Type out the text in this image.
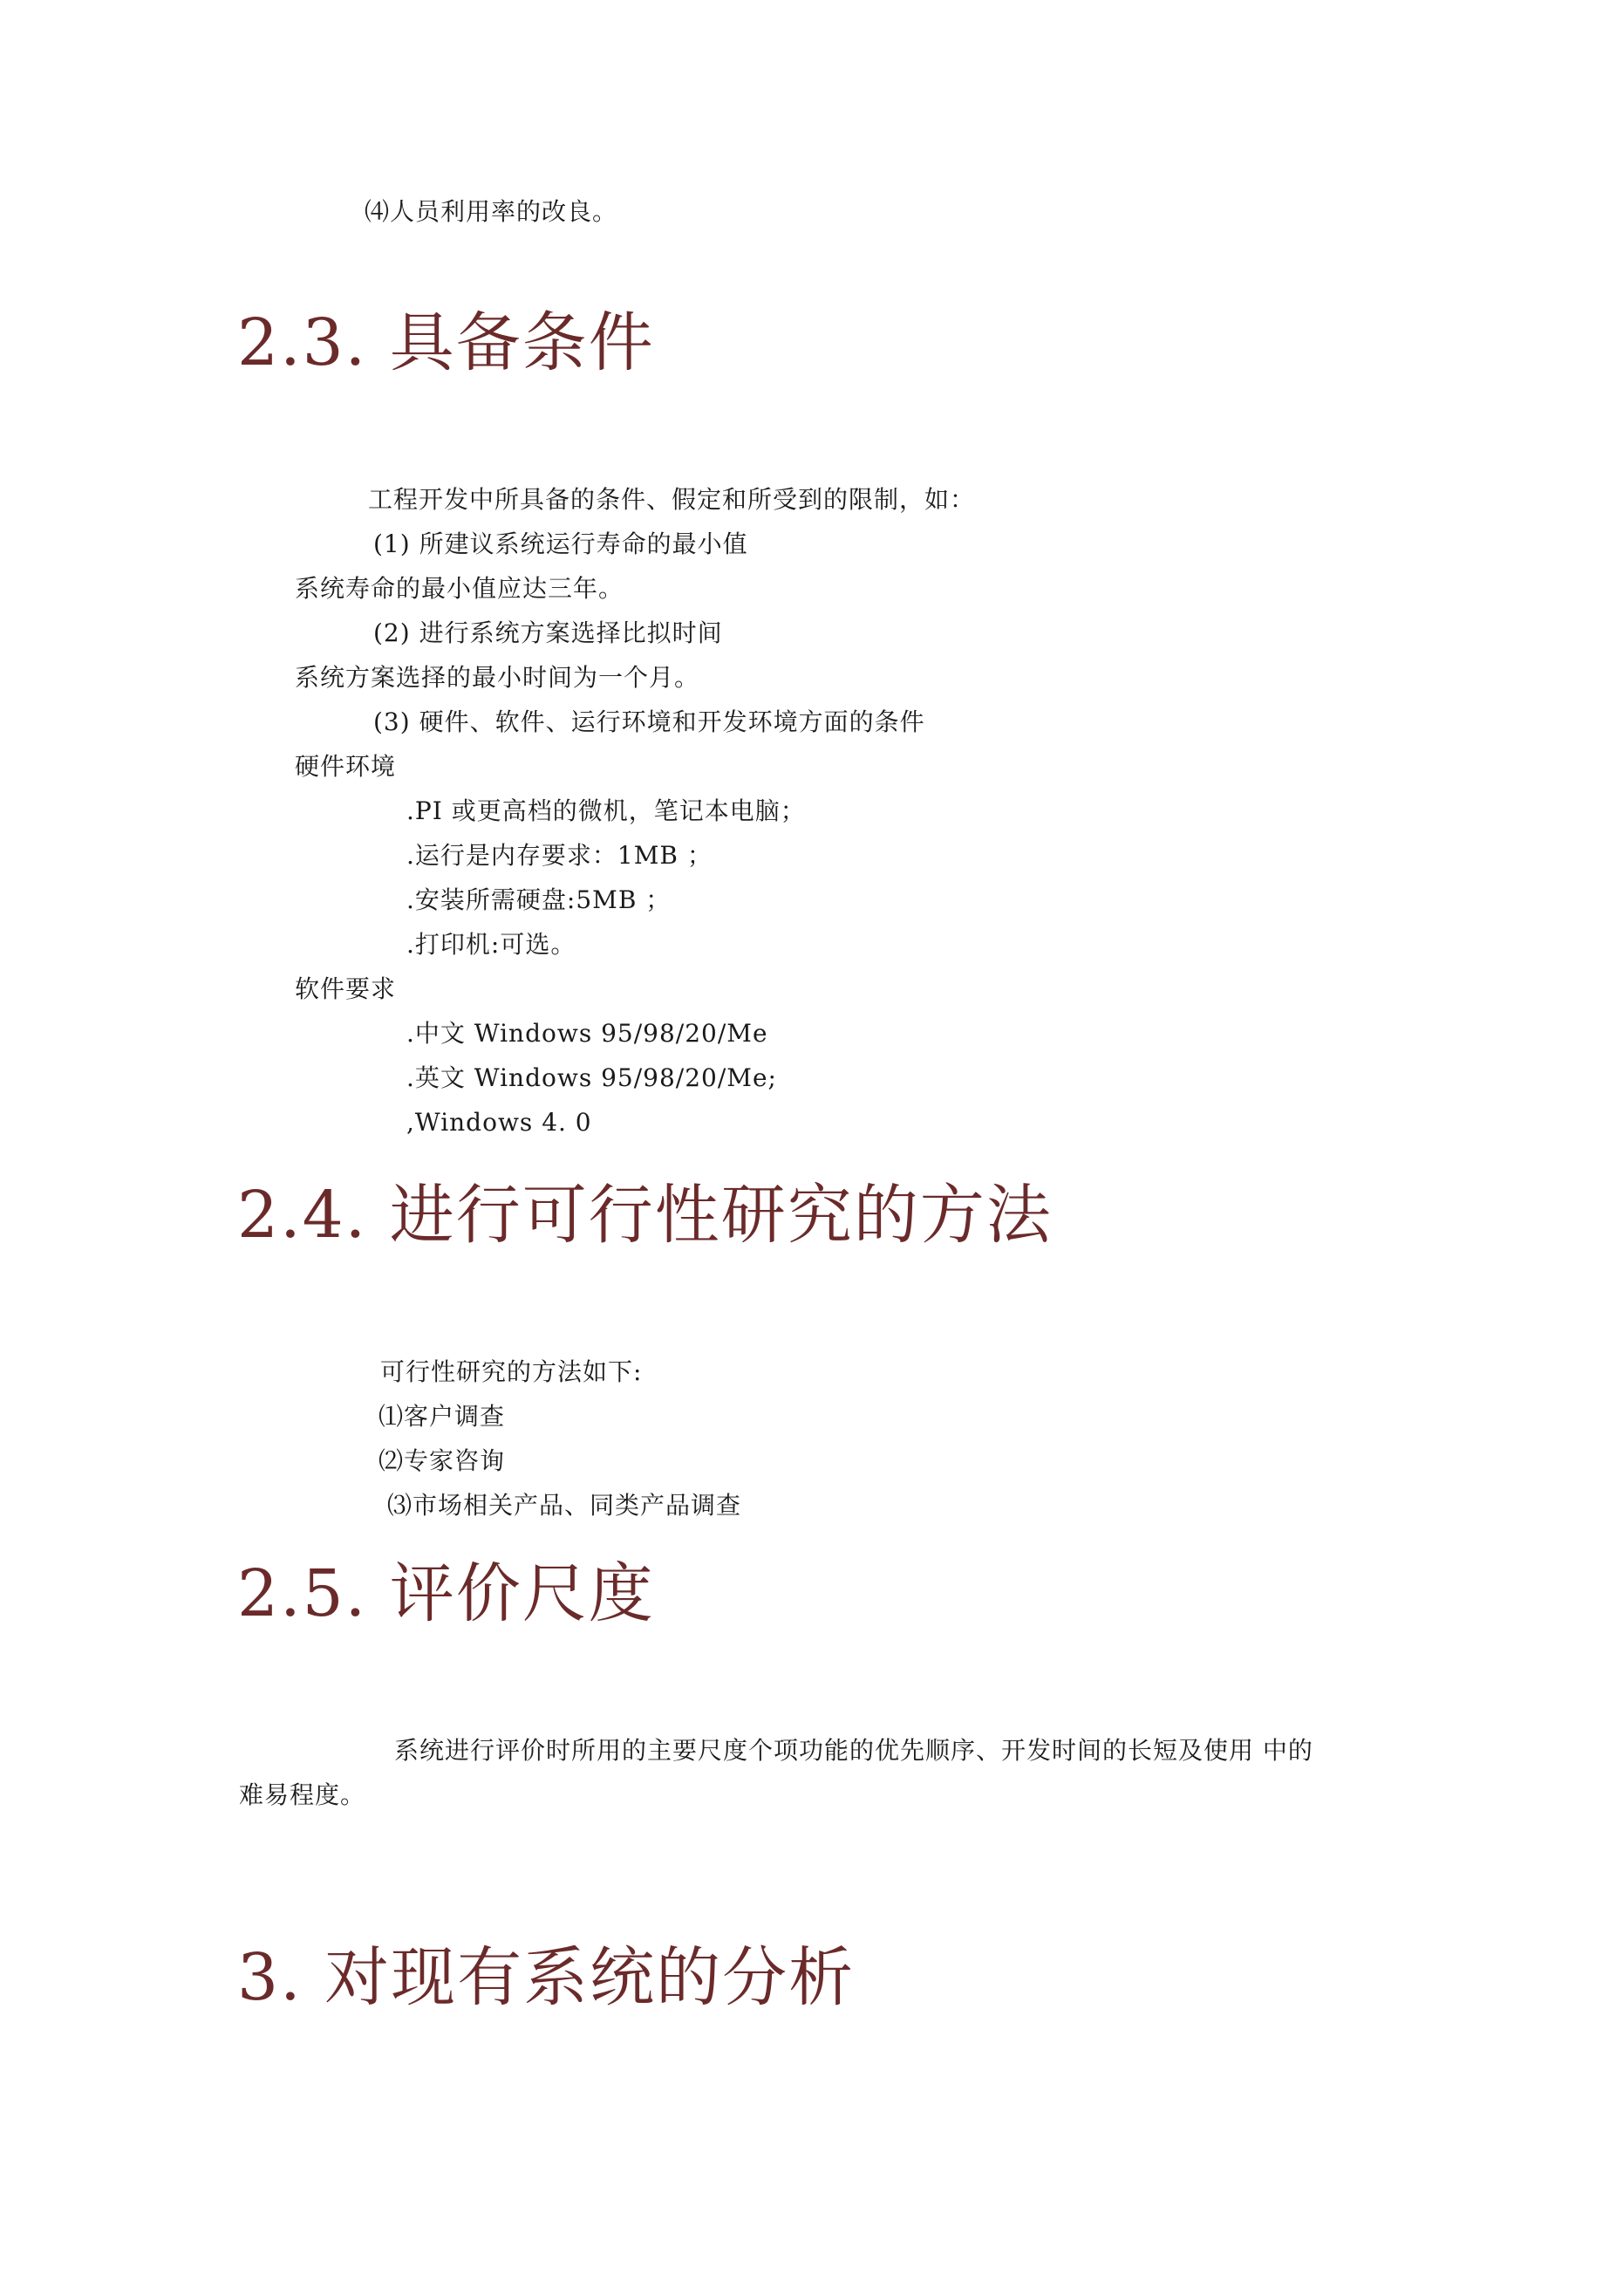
⑷人员利用率的改良。
2.3. 具备条件
工程开发中所具备的条件、假定和所受到的限制，如：
(1) 所建议系统运行寿命的最小值
系统寿命的最小值应达三年。
(2) 进行系统方案选择比拟时间
系统方案选择的最小时间为一个月。
(3) 硬件、软件、运行环境和开发环境方面的条件
硬件环境
.PI 或更高档的微机，笔记本电脑；
.运行是内存要求：1MB ；
.安装所需硬盘:5MB ；
.打印机:可选。
软件要求
.中文 Windows 95/98/20/Me
.英文 Windows 95/98/20/Me;
,Windows 4. 0
2.4. 进行可行性研究的方法
可行性研究的方法如下:
⑴客户调查
⑵专家咨询
⑶市场相关产品、同类产品调查
2.5. 评价尺度
系统进行评价时所用的主要尺度个项功能的优先顺序、开发时间的长短及使用 中的
难易程度。
3. 对现有系统的分析
